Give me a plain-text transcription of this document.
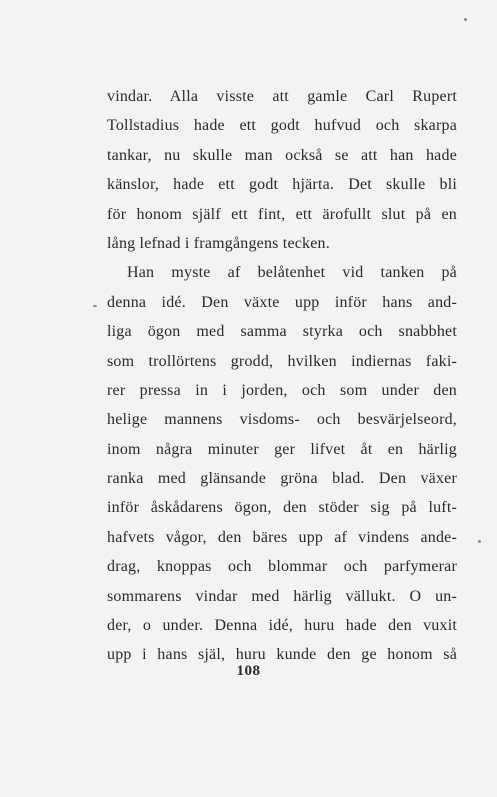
vindar. Alla visste att gamle Carl Rupert
Tollstadius hade ett godt hufvud och skarpa
tankar, nu skulle man också se att han hade
känslor, hade ett godt hjärta. Det skulle bli
för honom själf ett fint, ett ärofullt slut på en
lång lefnad i framgångens tecken.
Han myste af belåtenhet vid tanken på
denna idé. Den växte upp inför hans and-
liga ögon med samma styrka och snabbhet
som trollörtens grodd, hvilken indiernas faki-
rer pressa in i jorden, och som under den
helige mannens visdoms- och besvärjelseord,
inom några minuter ger lifvet åt en härlig
ranka med glänsande gröna blad. Den växer
inför åskådarens ögon, den stöder sig på luft-
hafvets vågor, den bäres upp af vindens ande-
drag, knoppas och blommar och parfymerar
sommarens vindar med härlig vällukt. O un-
der, o under. Denna idé, huru hade den vuxit
upp i hans själ, huru kunde den ge honom så
108
